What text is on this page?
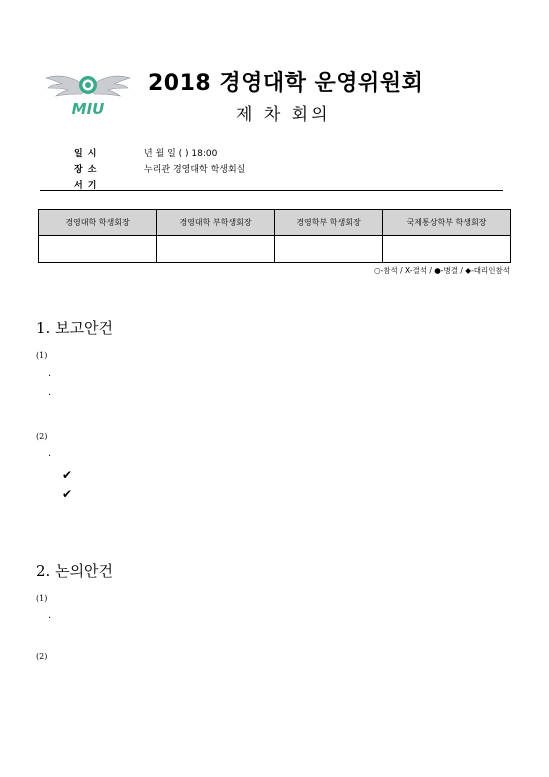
MIU
2018 경영대학 운영위원회
제 차 회의
일시	년 월 일 ( ) 18:00
장소	누리관 경영대학 학생회실
서기
경영대학 학생회장	경영대학 부학생회장	경영학부 학생회장	국제통상학부 학생회장

○-참석 / X-결석 / ●-병결 / ◆-대리인참석
1. 보고안건
(1)
·
·
(2)
·
✔
✔
2. 논의안건
(1)
·
(2)
